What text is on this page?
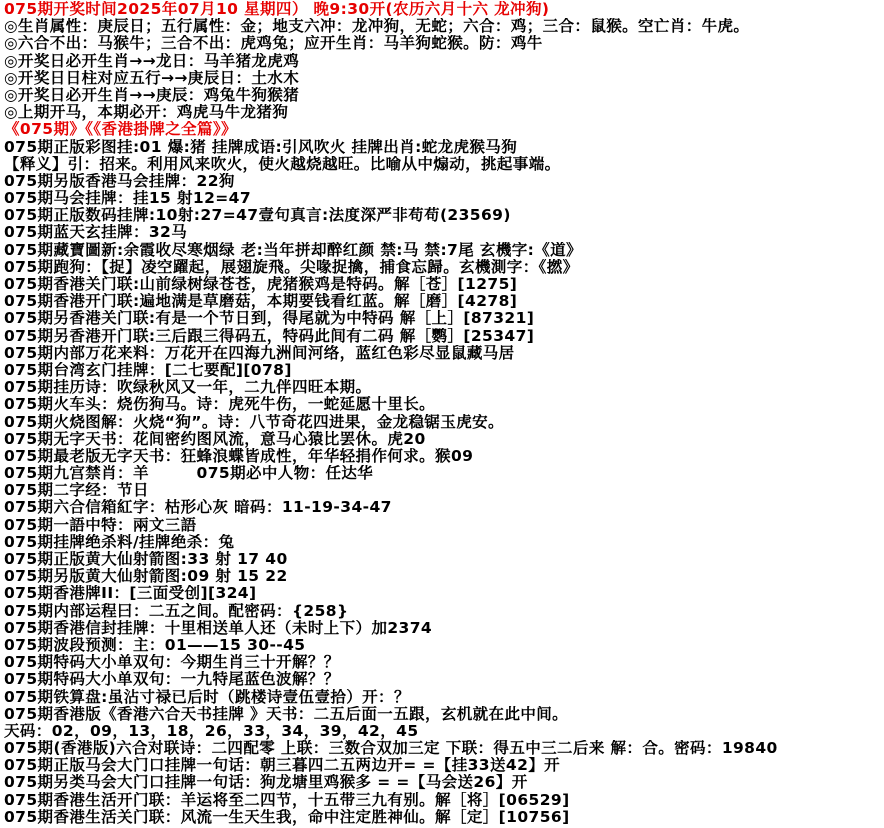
075期开奖时间2025年07月10 星期四） 晚9:30开(农历六月十六 龙冲狗)
◎生肖属性：庚辰日；五行属性：金；地支六冲：龙冲狗，无蛇；六合：鸡；三合：鼠猴。空亡肖：牛虎。
◎六合不出：马猴牛；三合不出：虎鸡兔；应开生肖：马羊狗蛇猴。防：鸡牛
◎开奖日必开生肖→→龙日：马羊猪龙虎鸡
◎开奖日日柱对应五行→→庚辰日：土水木
◎开奖日必开生肖→→庚辰：鸡兔牛狗猴猪
◎上期开马，本期必开：鸡虎马牛龙猪狗
《075期》《《香港掛牌之全篇》》
075期正版彩图挂:01 爆:猪 挂牌成语:引风吹火 挂牌出肖:蛇龙虎猴马狗
【释义】引：招来。利用风来吹火，使火越烧越旺。比喻从中煽动，挑起事端。
075期另版香港马会挂牌：22狗
075期马会挂牌：挂15 射12=47
075期正版数码挂牌:10射:27=47壹句真言:法度深严非苟苟(23569)
075期蓝天玄挂牌：32马
075期藏寶圖新:余霞收尽寒烟绿 老:当年拼却醉红颜 禁:马 禁:7尾 玄機字:《道》
075期跑狗：【捉】凌空躍起，展翅旋飛。尖喙捉擒，捕食忘歸。玄機測字：《撚》
075期香港关门联:山前绿树绿苍苍，虎猪猴鸡是特码。解［苍］[1275]
075期香港开门联:遍地满是草磨菇，本期要钱看红蓝。解［磨］[4278]
075期另香港关门联:有是一个节日到，得尾就为中特码 解［上］[87321]
075期另香港开门联:三后跟三得码五，特码此间有二码 解［鹦］[25347]
075期内部万花来料：万花开在四海九洲间河络，蓝红色彩尽显鼠藏马居
075期台湾玄门挂牌：[二七要配][078]
075期挂历诗：吹绿秋风又一年，二九伴四旺本期。
075期火车头：烧伤狗马。诗：虎死牛伤，一蛇延愿十里长。
075期火烧图解：火烧“狗”。诗：八节奇花四进果，金龙稳锯玉虎安。
075期无字天书：花间密约图风流，意马心猿比罢休。虎20
075期最老版无字天书：狂蜂浪蝶皆成性，年华轻捐作何求。猴09
075期九宫禁肖：羊　　　075期必中人物：任达华
075期二字经：节日
075期六合信箱紅字：枯形心灰 暗码：11-19-34-47
075期一語中特：兩文三語
075期挂牌绝杀料/挂牌绝杀：兔
075期正版黄大仙射箭图:33 射 17 40
075期另版黄大仙射箭图:09 射 15 22
075期香港牌II：[三面受创][324]
075期内部运程曰：二五之间。配密码：{258}
075期香港信封挂牌：十里相送单人还（未时上下）加2374
075期波段预测：主：01——15 30--45
075期特码大小单双句：今期生肖三十开解？？
075期特码大小单双句：一九特尾蓝色波解？？
075期铁算盘:虽沾寸禄已后时（跳楼诗壹伍壹拾）开：？
075期香港版《香港六合天书挂牌 》天书：二五后面一五跟，玄机就在此中间。
天码：02，09，13，18，26，33，34，39，42，45
075期(香港版)六合对联诗：二四配零 上联：三数合双加三定 下联：得五中三二后来 解：合。密码：19840
075期正版马会大门口挂牌一句话：朝三暮四二五两边开= =【挂33送42】开
075期另类马会大门口挂牌一句话：狗龙塘里鸡猴多 = =【马会送26】开
075期香港生活开门联：羊运将至二四节，十五带三九有别。解［将］[06529]
075期香港生活关门联：风流一生天生我，命中注定胜神仙。解［定］[10756]
